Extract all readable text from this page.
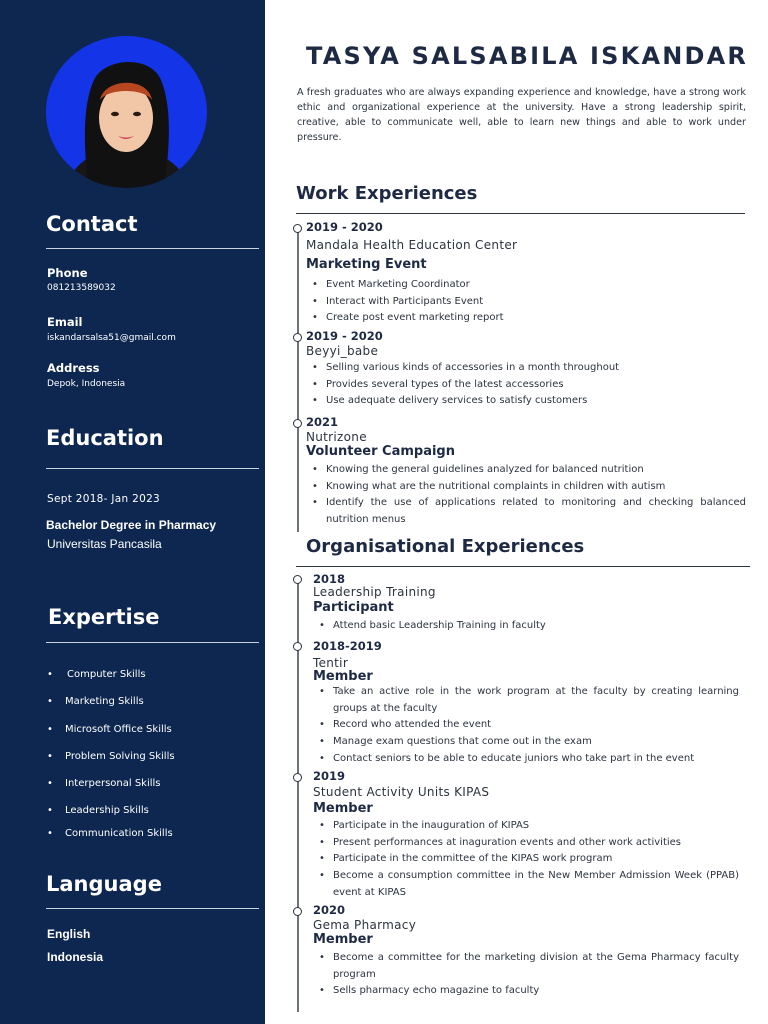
Contact
Phone
081213589032
Email
iskandarsalsa51@gmail.com
Address
Depok, Indonesia
Education
Sept 2018- Jan 2023
Bachelor Degree in Pharmacy
Universitas Pancasila
Expertise
• Computer Skills
• Marketing Skills
• Microsoft Office Skills
• Problem Solving Skills
• Interpersonal Skills
• Leadership Skills
• Communication Skills
Language
English
Indonesia
TASYA SALSABILA ISKANDAR
A fresh graduates who are always expanding experience and knowledge, have a strong work ethic and organizational experience at the university. Have a strong leadership spirit, creative, able to communicate well, able to learn new things and able to work under pressure.
Work Experiences
2019 - 2020
Mandala Health Education Center
Marketing Event
• Event Marketing Coordinator
• Interact with Participants Event
• Create post event marketing report
2019 - 2020
Beyyi_babe
• Selling various kinds of accessories in a month throughout
• Provides several types of the latest accessories
• Use adequate delivery services to satisfy customers
2021
Nutrizone
Volunteer Campaign
• Knowing the general guidelines analyzed for balanced nutrition
• Knowing what are the nutritional complaints in children with autism
• Identify the use of applications related to monitoring and checking balanced nutrition menus
Organisational Experiences
2018
Leadership Training
Participant
• Attend basic Leadership Training in faculty
2018-2019
Tentir
Member
• Take an active role in the work program at the faculty by creating learning groups at the faculty
• Record who attended the event
• Manage exam questions that come out in the exam
• Contact seniors to be able to educate juniors who take part in the event
2019
Student Activity Units KIPAS
Member
• Participate in the inauguration of KIPAS
• Present performances at inaguration events and other work activities
• Participate in the committee of the KIPAS work program
• Become a consumption committee in the New Member Admission Week (PPAB) event at KIPAS
2020
Gema Pharmacy
Member
• Become a committee for the marketing division at the Gema Pharmacy faculty program
• Sells pharmacy echo magazine to faculty
